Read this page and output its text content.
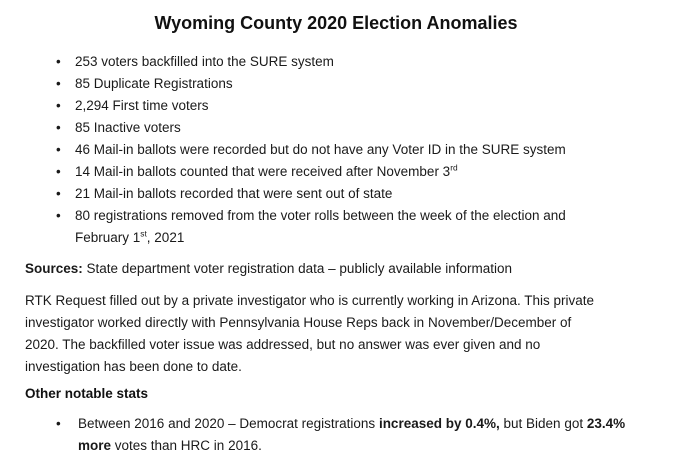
Wyoming County 2020 Election Anomalies
• 253 voters backfilled into the SURE system
• 85 Duplicate Registrations
• 2,294 First time voters
• 85 Inactive voters
• 46 Mail-in ballots were recorded but do not have any Voter ID in the SURE system
• 14 Mail-in ballots counted that were received after November 3rd
• 21 Mail-in ballots recorded that were sent out of state
• 80 registrations removed from the voter rolls between the week of the election and
February 1st, 2021

Sources: State department voter registration data – publicly available information

RTK Request filled out by a private investigator who is currently working in Arizona. This private
investigator worked directly with Pennsylvania House Reps back in November/December of
2020. The backfilled voter issue was addressed, but no answer was ever given and no
investigation has been done to date.

Other notable stats

• Between 2016 and 2020 – Democrat registrations increased by 0.4%, but Biden got 23.4%
more votes than HRC in 2016.
